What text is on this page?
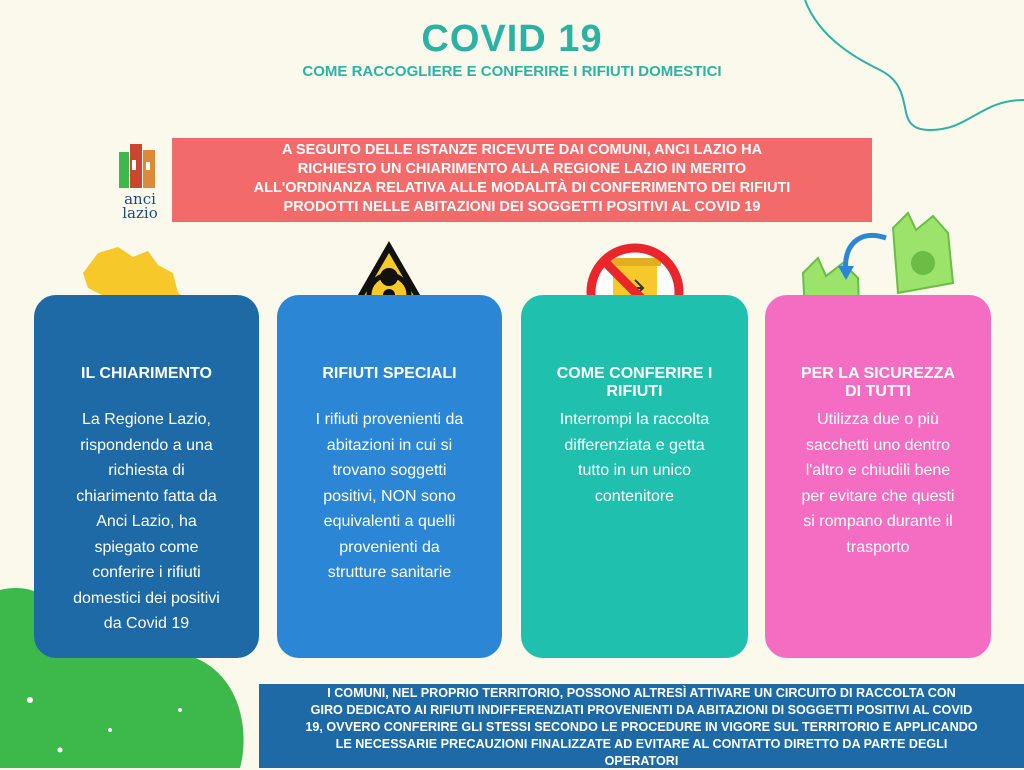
COVID 19
COME RACCOGLIERE E CONFERIRE I RIFIUTI DOMESTICI
anci
lazio
A SEGUITO DELLE ISTANZE RICEVUTE DAI COMUNI, ANCI LAZIO HA
RICHIESTO UN CHIARIMENTO ALLA REGIONE LAZIO IN MERITO
ALL'ORDINANZA RELATIVA ALLE MODALITÀ DI CONFERIMENTO DEI RIFIUTI
PRODOTTI NELLE ABITAZIONI DEI SOGGETTI POSITIVI AL COVID 19
IL CHIARIMENTO

La Regione Lazio,
rispondendo a una
richiesta di
chiarimento fatta da
Anci Lazio, ha
spiegato come
conferire i rifiuti
domestici dei positivi
da Covid 19

RIFIUTI SPECIALI

I rifiuti provenienti da
abitazioni in cui si
trovano soggetti
positivi, NON sono
equivalenti a quelli
provenienti da
strutture sanitarie

COME CONFERIRE I
RIFIUTI

Interrompi la raccolta
differenziata e getta
tutto in un unico
contenitore

PER LA SICUREZZA
DI TUTTI

Utilizza due o più
sacchetti uno dentro
l'altro e chiudili bene
per evitare che questi
si rompano durante il
trasporto

I COMUNI, NEL PROPRIO TERRITORIO, POSSONO ALTRESÌ ATTIVARE UN CIRCUITO DI RACCOLTA CON
GIRO DEDICATO AI RIFIUTI INDIFFERENZIATI PROVENIENTI DA ABITAZIONI DI SOGGETTI POSITIVI AL COVID
19, OVVERO CONFERIRE GLI STESSI SECONDO LE PROCEDURE IN VIGORE SUL TERRITORIO E APPLICANDO
LE NECESSARIE PRECAUZIONI FINALIZZATE AD EVITARE AL CONTATTO DIRETTO DA PARTE DEGLI
OPERATORI
